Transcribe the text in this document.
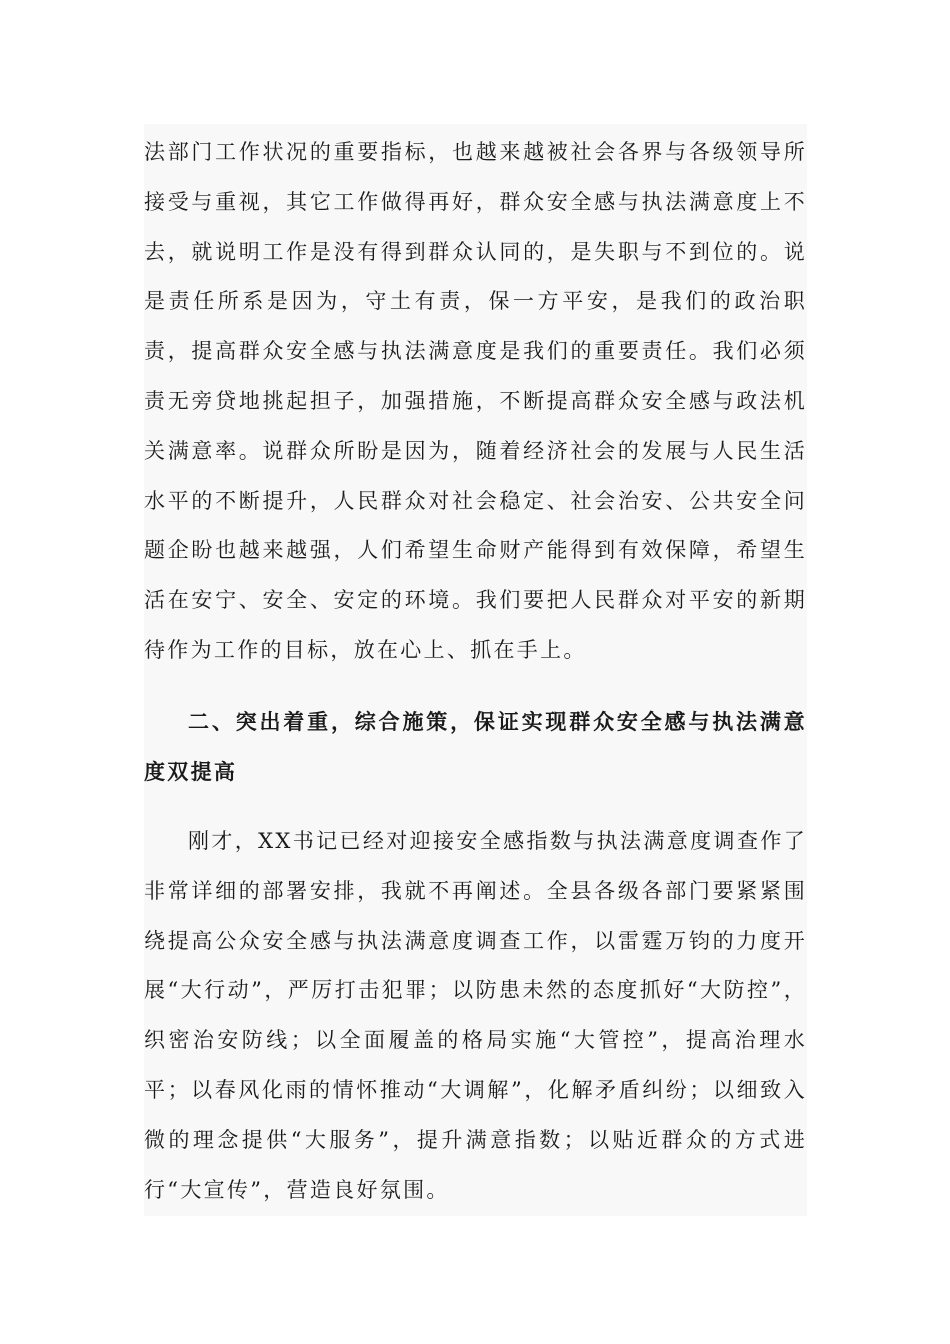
法部门工作状况的重要指标，也越来越被社会各界与各级领导所接受与重视，其它工作做得再好，群众安全感与执法满意度上不去，就说明工作是没有得到群众认同的，是失职与不到位的。说是责任所系是因为，守土有责，保一方平安，是我们的政治职责，提高群众安全感与执法满意度是我们的重要责任。我们必须责无旁贷地挑起担子，加强措施，不断提高群众安全感与政法机关满意率。说群众所盼是因为，随着经济社会的发展与人民生活水平的不断提升，人民群众对社会稳定、社会治安、公共安全问题企盼也越来越强，人们希望生命财产能得到有效保障，希望生活在安宁、安全、安定的环境。我们要把人民群众对平安的新期待作为工作的目标，放在心上、抓在手上。

二、突出着重，综合施策，保证实现群众安全感与执法满意度双提高

刚才，XX书记已经对迎接安全感指数与执法满意度调查作了非常详细的部署安排，我就不再阐述。全县各级各部门要紧紧围绕提高公众安全感与执法满意度调查工作，以雷霆万钧的力度开展“大行动”，严厉打击犯罪；以防患未然的态度抓好“大防控”，织密治安防线；以全面履盖的格局实施“大管控”，提高治理水平；以春风化雨的情怀推动“大调解”，化解矛盾纠纷；以细致入微的理念提供“大服务”，提升满意指数；以贴近群众的方式进行“大宣传”，营造良好氛围。
